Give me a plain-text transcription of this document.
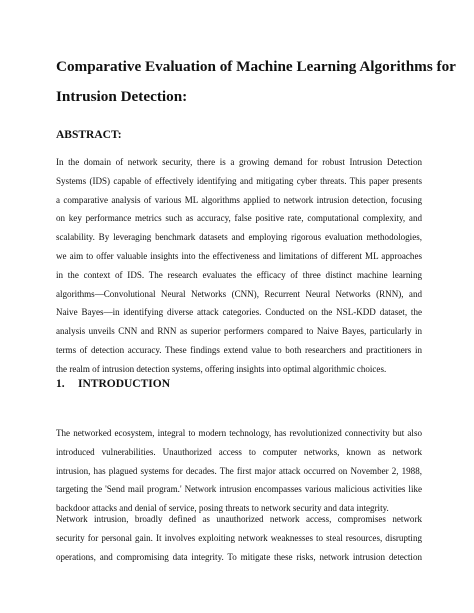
Comparative Evaluation of Machine Learning Algorithms for
Intrusion Detection:
ABSTRACT:

In the domain of network security, there is a growing demand for robust Intrusion Detection
Systems (IDS) capable of effectively identifying and mitigating cyber threats. This paper presents
a comparative analysis of various ML algorithms applied to network intrusion detection, focusing
on key performance metrics such as accuracy, false positive rate, computational complexity, and
scalability. By leveraging benchmark datasets and employing rigorous evaluation methodologies,
we aim to offer valuable insights into the effectiveness and limitations of different ML approaches
in the context of IDS. The research evaluates the efficacy of three distinct machine learning
algorithms—Convolutional Neural Networks (CNN), Recurrent Neural Networks (RNN), and
Naive Bayes—in identifying diverse attack categories. Conducted on the NSL-KDD dataset, the
analysis unveils CNN and RNN as superior performers compared to Naive Bayes, particularly in
terms of detection accuracy. These findings extend value to both researchers and practitioners in
the realm of intrusion detection systems, offering insights into optimal algorithmic choices.

1. INTRODUCTION

The networked ecosystem, integral to modern technology, has revolutionized connectivity but also
introduced vulnerabilities. Unauthorized access to computer networks, known as network
intrusion, has plagued systems for decades. The first major attack occurred on November 2, 1988,
targeting the 'Send mail program.' Network intrusion encompasses various malicious activities like
backdoor attacks and denial of service, posing threats to network security and data integrity.

Network intrusion, broadly defined as unauthorized network access, compromises network
security for personal gain. It involves exploiting network weaknesses to steal resources, disrupting
operations, and compromising data integrity. To mitigate these risks, network intrusion detection
